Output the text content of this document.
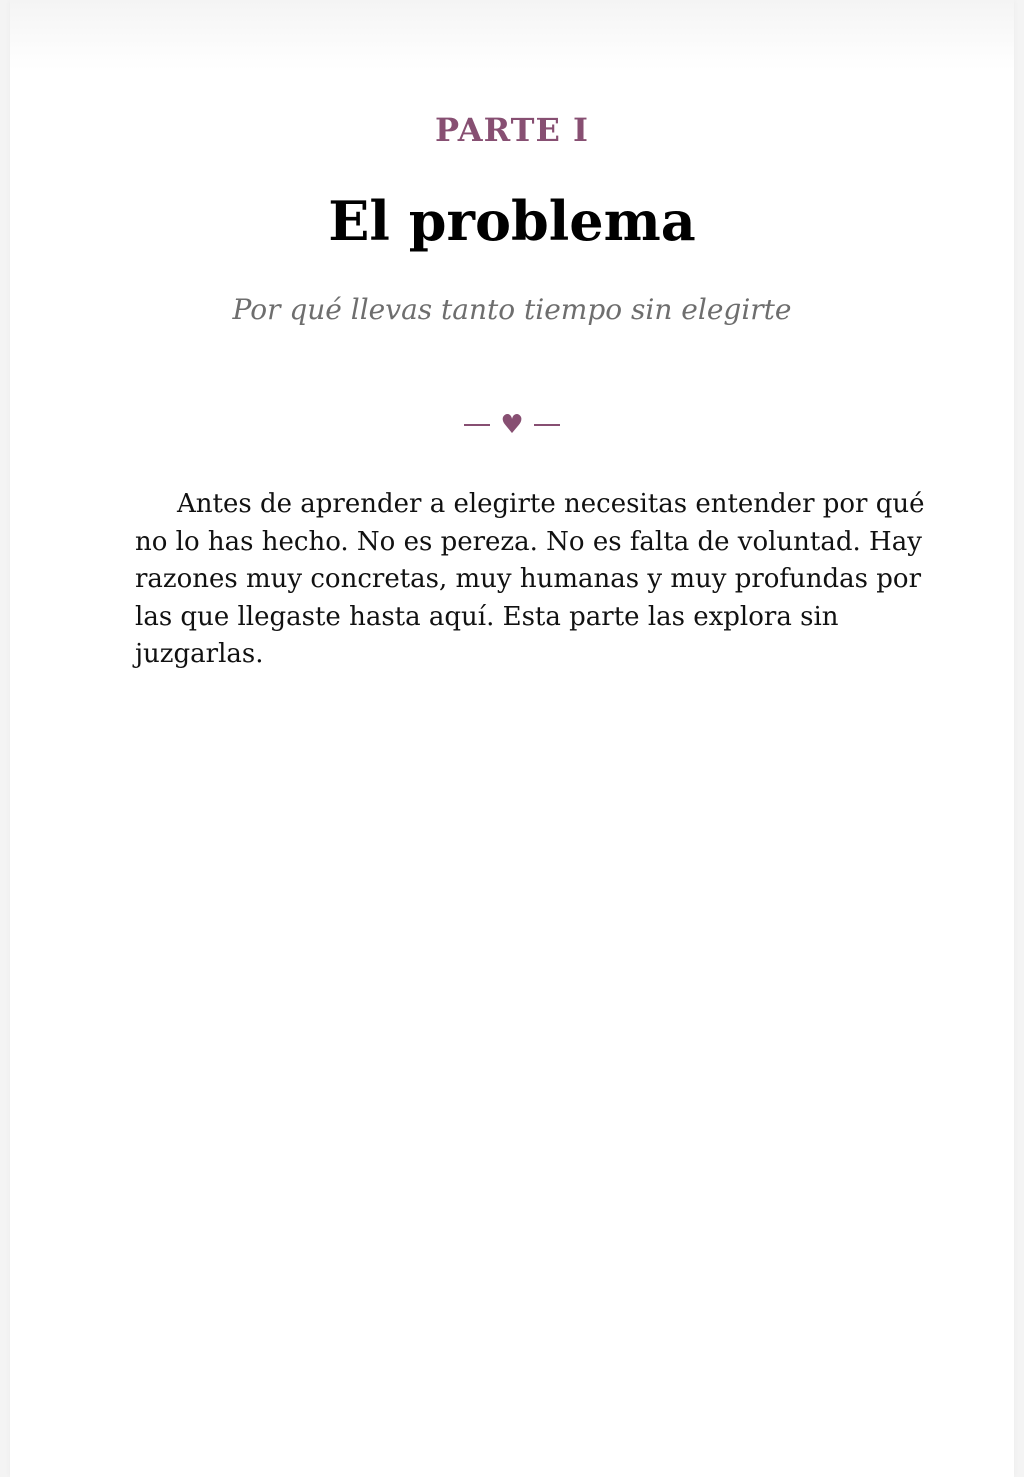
PARTE I
El problema
Por qué llevas tanto tiempo sin elegirte
♥

Antes de aprender a elegirte necesitas entender por qué no lo has hecho. No es pereza. No es falta de voluntad. Hay razones muy concretas, muy humanas y muy profundas por las que llegaste hasta aquí. Esta parte las explora sin juzgarlas.
